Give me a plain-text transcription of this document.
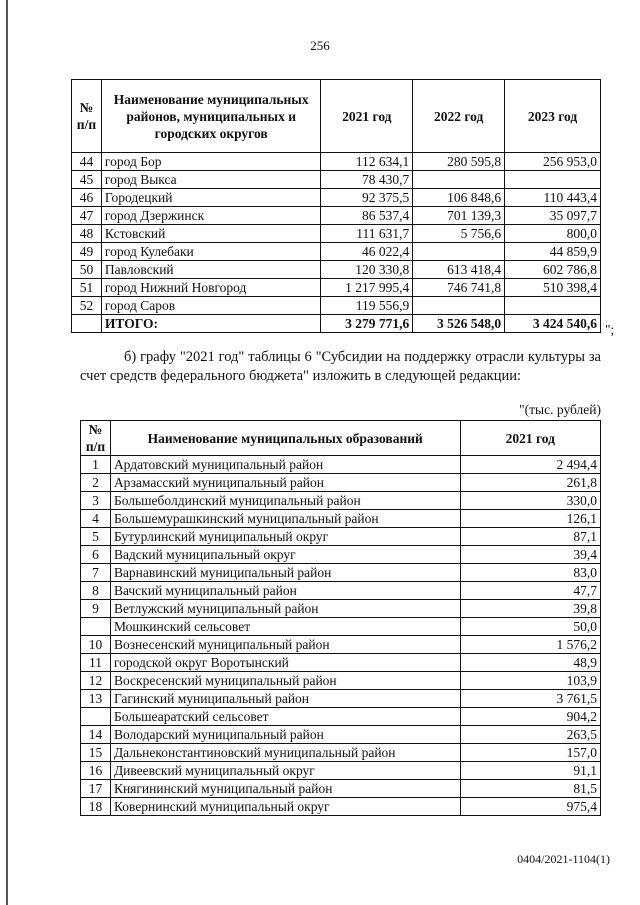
256
№ п/п	Наименование муниципальных районов, муниципальных и городских округов	2021 год	2022 год	2023 год
44	город Бор	112 634,1	280 595,8	256 953,0
45	город Выкса	78 430,7		
46	Городецкий	92 375,5	106 848,6	110 443,4
47	город Дзержинск	86 537,4	701 139,3	35 097,7
48	Кстовский	111 631,7	5 756,6	800,0
49	город Кулебаки	46 022,4		44 859,9
50	Павловский	120 330,8	613 418,4	602 786,8
51	город Нижний Новгород	1 217 995,4	746 741,8	510 398,4
52	город Саров	119 556,9		
	ИТОГО:	3 279 771,6	3 526 548,0	3 424 540,6 ";
б) графу "2021 год" таблицы 6 "Субсидии на поддержку отрасли культуры за счет средств федерального бюджета" изложить в следующей редакции:
"(тыс. рублей)
№ п/п	Наименование муниципальных образований	2021 год
1	Ардатовский муниципальный район	2 494,4
2	Арзамасский муниципальный район	261,8
3	Большеболдинский муниципальный район	330,0
4	Большемурашкинский муниципальный район	126,1
5	Бутурлинский муниципальный округ	87,1
6	Вадский муниципальный округ	39,4
7	Варнавинский муниципальный район	83,0
8	Вачский муниципальный район	47,7
9	Ветлужский муниципальный район	39,8
	Мошкинский сельсовет	50,0
10	Вознесенский муниципальный район	1 576,2
11	городской округ Воротынский	48,9
12	Воскресенский муниципальный район	103,9
13	Гагинский муниципальный район	3 761,5
	Большеаратский сельсовет	904,2
14	Володарский муниципальный район	263,5
15	Дальнеконстантиновский муниципальный район	157,0
16	Дивеевский муниципальный округ	91,1
17	Княгининский муниципальный район	81,5
18	Ковернинский муниципальный округ	975,4
0404/2021-1104(1)
